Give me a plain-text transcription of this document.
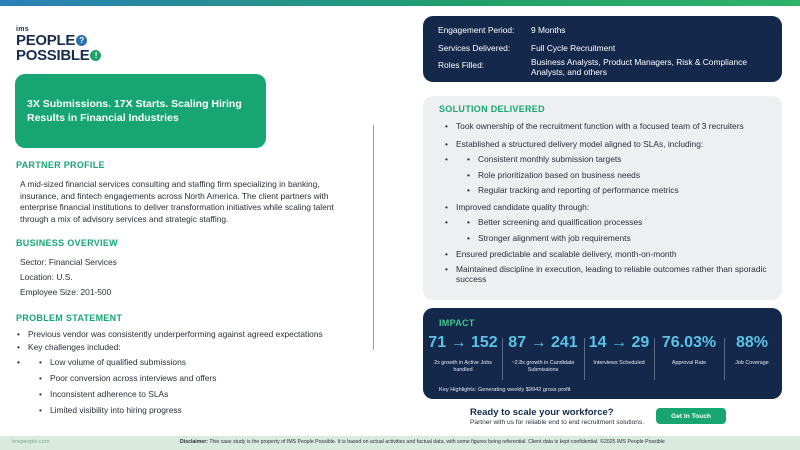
ims
PEOPLE ?
POSSIBLE !
3X Submissions. 17X Starts. Scaling Hiring Results in Financial Industries
PARTNER PROFILE
A mid-sized financial services consulting and staffing firm specializing in banking, insurance, and fintech engagements across North America. The client partners with enterprise financial institutions to deliver transformation initiatives while scaling talent through a mix of advisory services and strategic staffing.
BUSINESS OVERVIEW
Sector: Financial Services
Location: U.S.
Employee Size: 201-500
PROBLEM STATEMENT
• Previous vendor was consistently underperforming against agreed expectations
• Key challenges included:
• • Low volume of qualified submissions
• Poor conversion across interviews and offers
• Inconsistent adherence to SLAs
• Limited visibility into hiring progress
Engagement Period:	9 Months
Services Delivered:	Full Cycle Recruitment
Roles Filled:	Business Analysts, Product Managers, Risk & Compliance Analysts, and others
SOLUTION DELIVERED
• Took ownership of the recruitment function with a focused team of 3 recruiters
• Established a structured delivery model aligned to SLAs, including:
• • Consistent monthly submission targets
• Role prioritization based on business needs
• Regular tracking and reporting of performance metrics
• Improved candidate quality through:
• • Better screening and qualification processes
• Stronger alignment with job requirements
• Ensured predictable and scalable delivery, month-on-month
• Maintained discipline in execution, leading to reliable outcomes rather than sporadic success
IMPACT
71 → 152
2x growth in Active Jobs handled
87 → 241
~2.8x growth in Candidate Submissions
14 → 29
Interviews Scheduled
76.03%
Approval Rate
88%
Job Coverage
Key Highlights: Generating weekly $9942 gross profit
Ready to scale your workforce?
Partner with us for reliable end to end recruitment solutions.
Get In Touch
imspeople.com	Disclaimer: This case study is the property of IMS People Possible. It is based on actual activities and factual data, with some figures being referential. Client data is kept confidential. ©2025 IMS People Possible
